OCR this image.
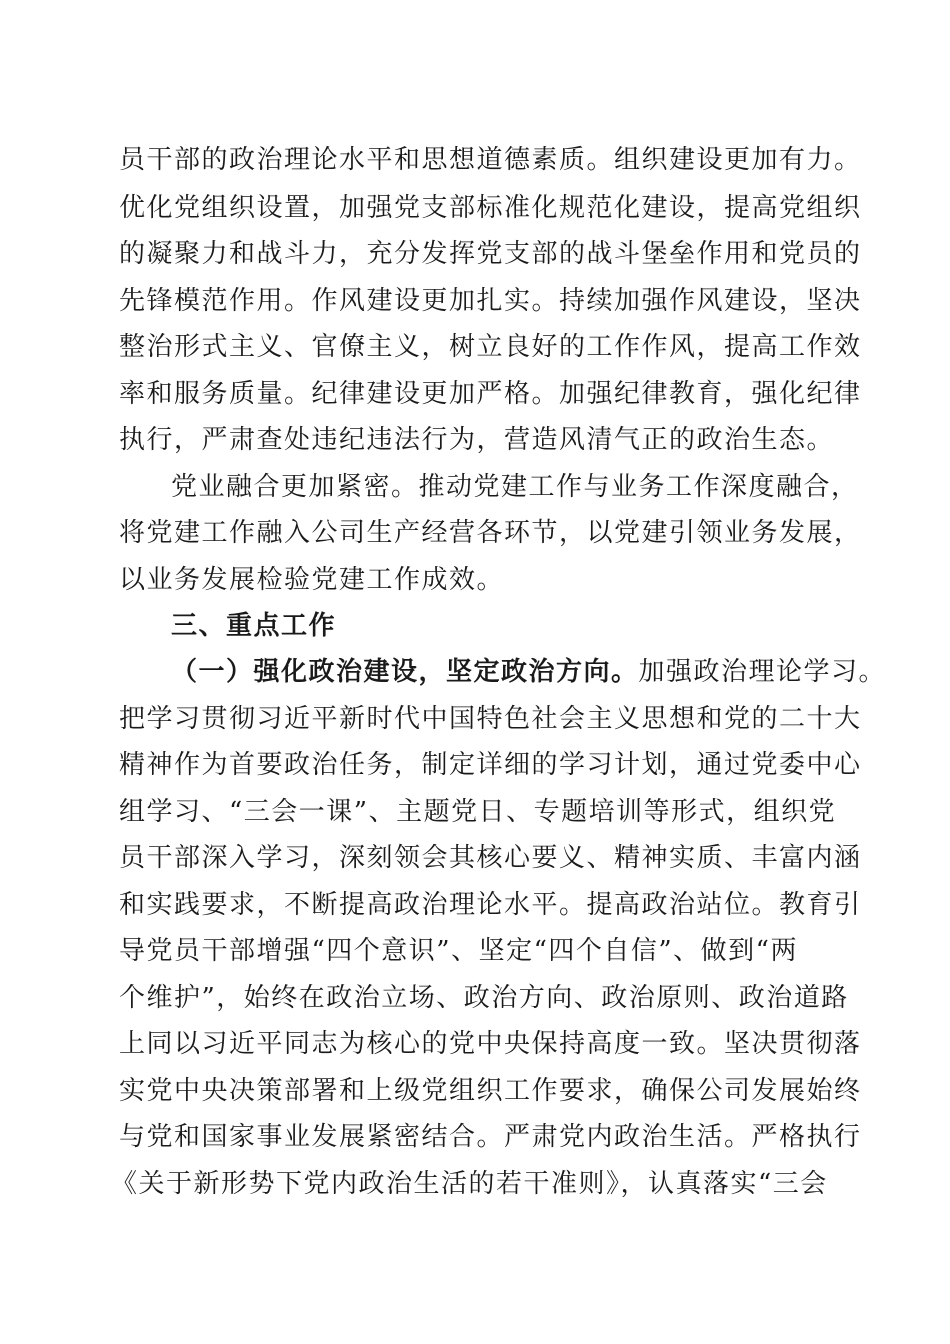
员干部的政治理论水平和思想道德素质。组织建设更加有力。
优化党组织设置，加强党支部标准化规范化建设，提高党组织
的凝聚力和战斗力，充分发挥党支部的战斗堡垒作用和党员的
先锋模范作用。作风建设更加扎实。持续加强作风建设，坚决
整治形式主义、官僚主义，树立良好的工作作风，提高工作效
率和服务质量。纪律建设更加严格。加强纪律教育，强化纪律
执行，严肃查处违纪违法行为，营造风清气正的政治生态。
党业融合更加紧密。推动党建工作与业务工作深度融合，
将党建工作融入公司生产经营各环节，以党建引领业务发展，
以业务发展检验党建工作成效。
三、重点工作
（一）强化政治建设，坚定政治方向。加强政治理论学习。
把学习贯彻习近平新时代中国特色社会主义思想和党的二十大
精神作为首要政治任务，制定详细的学习计划，通过党委中心
组学习、“三会一课”、主题党日、专题培训等形式，组织党
员干部深入学习，深刻领会其核心要义、精神实质、丰富内涵
和实践要求，不断提高政治理论水平。提高政治站位。教育引
导党员干部增强“四个意识”、坚定“四个自信”、做到“两
个维护”，始终在政治立场、政治方向、政治原则、政治道路
上同以习近平同志为核心的党中央保持高度一致。坚决贯彻落
实党中央决策部署和上级党组织工作要求，确保公司发展始终
与党和国家事业发展紧密结合。严肃党内政治生活。严格执行
《关于新形势下党内政治生活的若干准则》，认真落实“三会
